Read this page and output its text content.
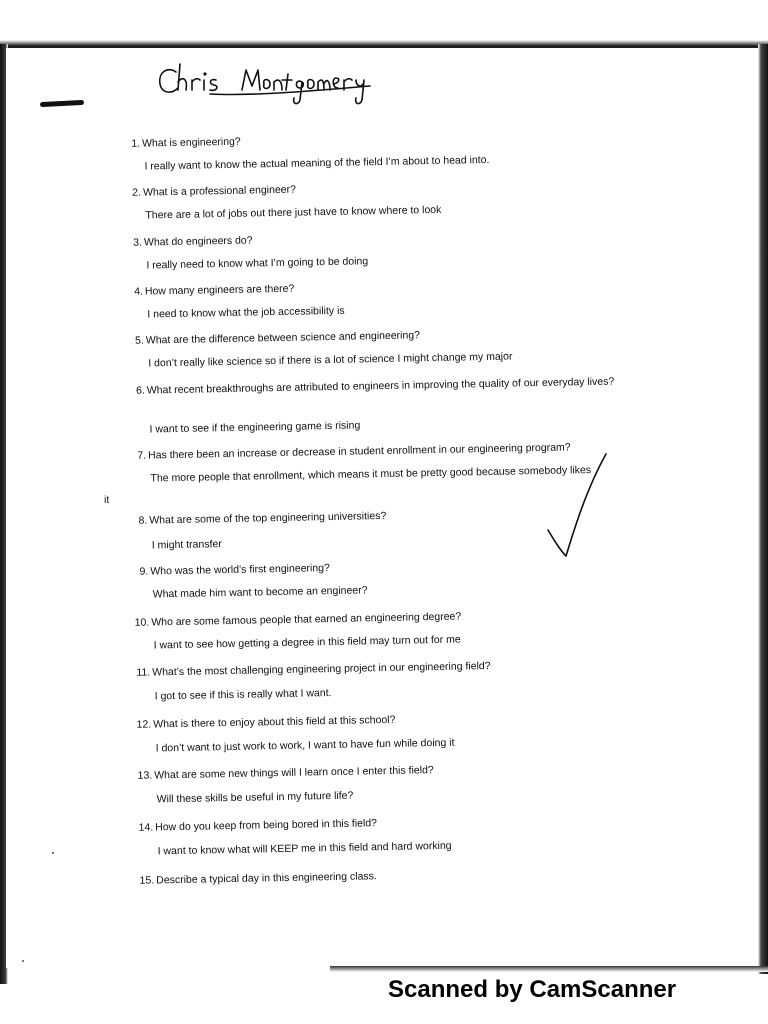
1. What is engineering?
I really want to know the actual meaning of the field I’m about to head into.
2. What is a professional engineer?
There are a lot of jobs out there just have to know where to look
3. What do engineers do?
I really need to know what I’m going to be doing
4. How many engineers are there?
I need to know what the job accessibility is
5. What are the difference between science and engineering?
I don’t really like science so if there is a lot of science I might change my major
6. What recent breakthroughs are attributed to engineers in improving the quality of our everyday lives?
I want to see if the engineering game is rising
7. Has there been an increase or decrease in student enrollment in our engineering program?
The more people that enrollment, which means it must be pretty good because somebody likes
8. What are some of the top engineering universities?
I might transfer
9. Who was the world’s first engineering?
What made him want to become an engineer?
10. Who are some famous people that earned an engineering degree?
I want to see how getting a degree in this field may turn out for me
11. What’s the most challenging engineering project in our engineering field?
I got to see if this is really what I want.
12. What is there to enjoy about this field at this school?
I don’t want to just work to work, I want to have fun while doing it
13. What are some new things will I learn once I enter this field?
Will these skills be useful in my future life?
14. How do you keep from being bored in this field?
I want to know what will KEEP me in this field and hard working
15. Describe a typical day in this engineering class.
it
Scanned by CamScanner
